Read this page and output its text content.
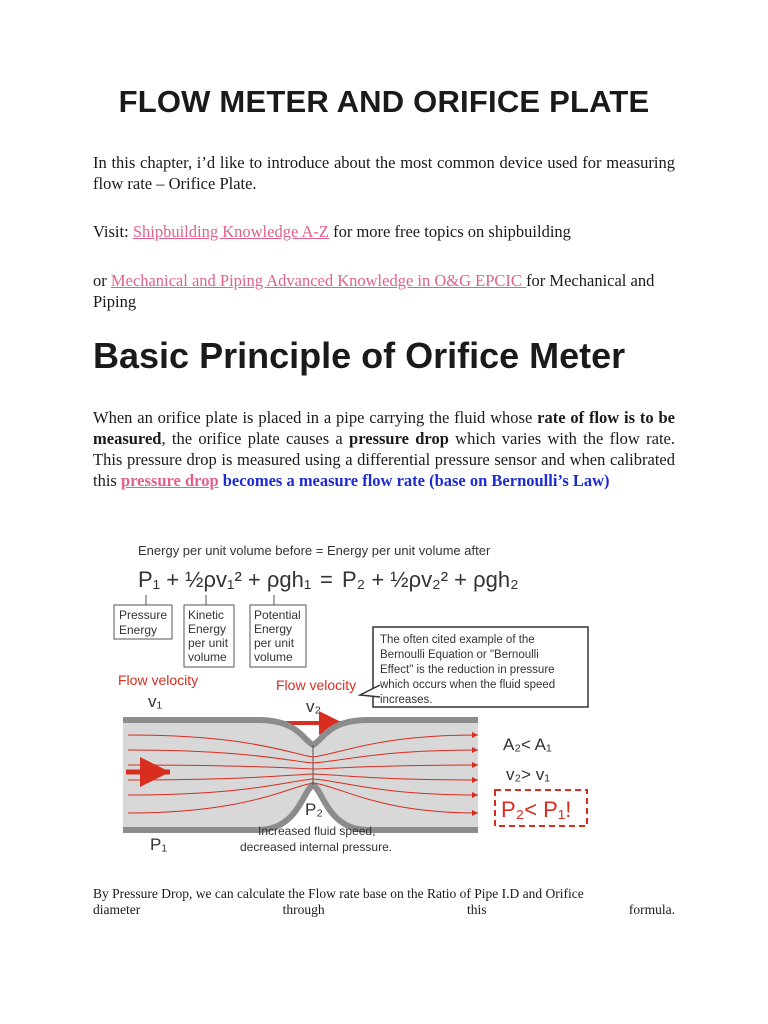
FLOW METER AND ORIFICE PLATE
In this chapter, i’d like to introduce about the most common device used for measuring flow rate – Orifice Plate.
Visit: Shipbuilding Knowledge A-Z for more free topics on shipbuilding
or Mechanical and Piping Advanced Knowledge in O&G EPCIC for Mechanical and Piping
Basic Principle of Orifice Meter
When an orifice plate is placed in a pipe carrying the fluid whose rate of flow is to be measured, the orifice plate causes a pressure drop which varies with the flow rate. This pressure drop is measured using a differential pressure sensor and when calibrated this pressure drop becomes a measure flow rate (base on Bernoulli’s Law)
Energy per unit volume before = Energy per unit volume after
P₁ + ½ρv₁² + ρgh₁ = P₂ + ½ρv₂² + ρgh₂
Pressure
Energy
Kinetic
Energy
per unit
volume
Potential
Energy
per unit
volume
The often cited example of the
Bernoulli Equation or "Bernoulli
Effect" is the reduction in pressure
which occurs when the fluid speed
increases.
Flow velocity
v₁
Flow velocity
v₂
P₂
P₁
A₂< A₁
v₂> v₁
P₂< P₁!
Increased fluid speed,
decreased internal pressure.
By Pressure Drop, we can calculate the Flow rate base on the Ratio of Pipe I.D and Orifice
diameter	through	this	formula.
